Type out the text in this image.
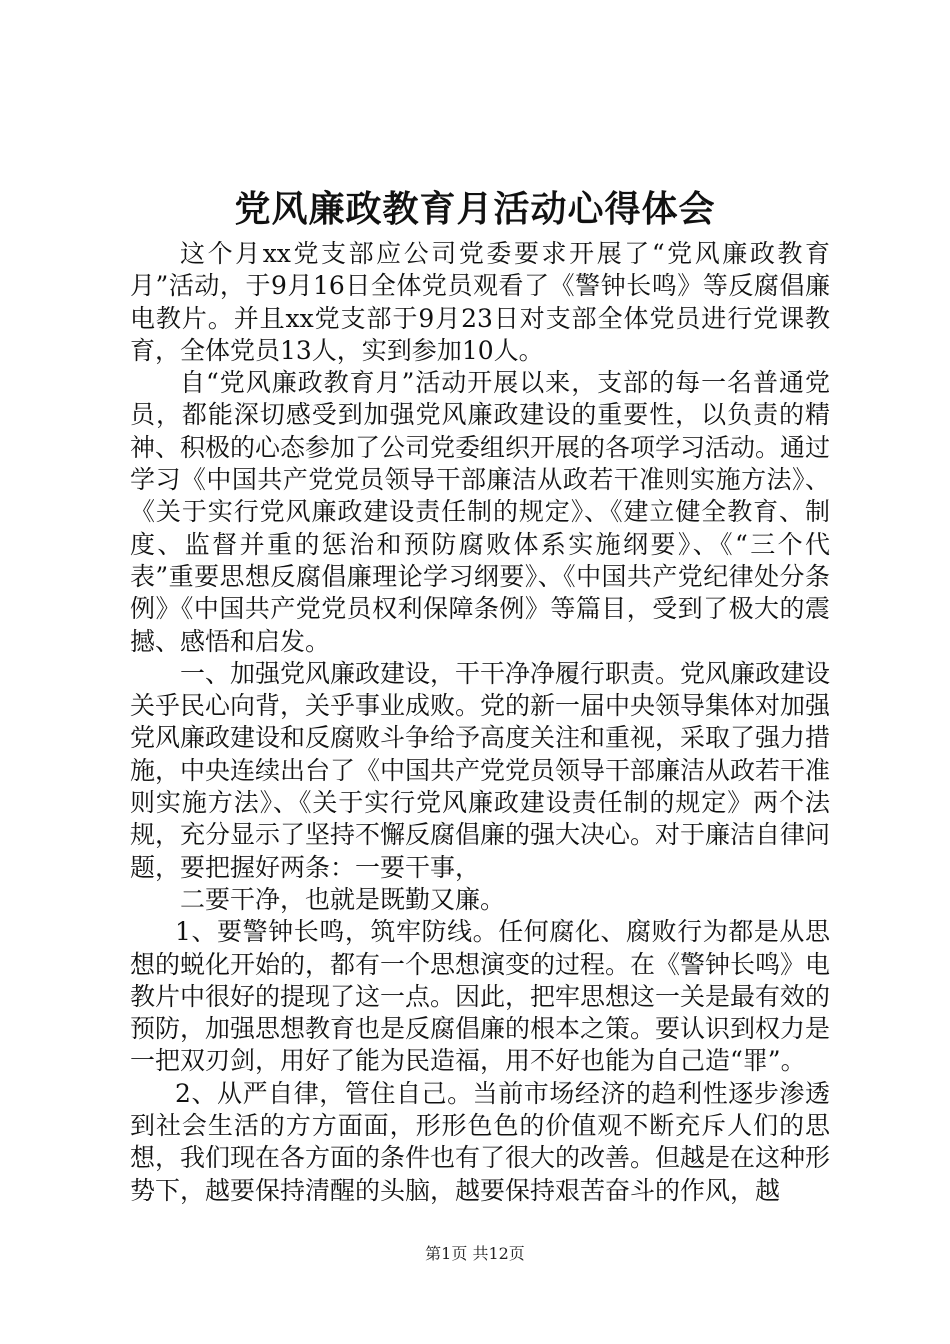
党风廉政教育月活动心得体会

这个月xx党支部应公司党委要求开展了“党风廉政教育月”活动，于9月16日全体党员观看了《警钟长鸣》等反腐倡廉电教片。并且xx党支部于9月23日对支部全体党员进行党课教育，全体党员13人，实到参加10人。

自“党风廉政教育月”活动开展以来，支部的每一名普通党员，都能深切感受到加强党风廉政建设的重要性，以负责的精神、积极的心态参加了公司党委组织开展的各项学习活动。通过学习《中国共产党党员领导干部廉洁从政若干准则实施方法》、《关于实行党风廉政建设责任制的规定》、《建立健全教育、制度、监督并重的惩治和预防腐败体系实施纲要》、《“三个代表”重要思想反腐倡廉理论学习纲要》、《中国共产党纪律处分条例》《中国共产党党员权利保障条例》等篇目，受到了极大的震撼、感悟和启发。

一、加强党风廉政建设，干干净净履行职责。党风廉政建设关乎民心向背，关乎事业成败。党的新一届中央领导集体对加强党风廉政建设和反腐败斗争给予高度关注和重视，采取了强力措施，中央连续出台了《中国共产党党员领导干部廉洁从政若干准则实施方法》、《关于实行党风廉政建设责任制的规定》两个法规，充分显示了坚持不懈反腐倡廉的强大决心。对于廉洁自律问题，要把握好两条：一要干事，

二要干净，也就是既勤又廉。

1、要警钟长鸣，筑牢防线。任何腐化、腐败行为都是从思想的蜕化开始的，都有一个思想演变的过程。在《警钟长鸣》电教片中很好的提现了这一点。因此，把牢思想这一关是最有效的预防，加强思想教育也是反腐倡廉的根本之策。要认识到权力是一把双刃剑，用好了能为民造福，用不好也能为自己造“罪”。

2、从严自律，管住自己。当前市场经济的趋利性逐步渗透到社会生活的方方面面，形形色色的价值观不断充斥人们的思想，我们现在各方面的条件也有了很大的改善。但越是在这种形势下，越要保持清醒的头脑，越要保持艰苦奋斗的作风，越

第1页 共12页
